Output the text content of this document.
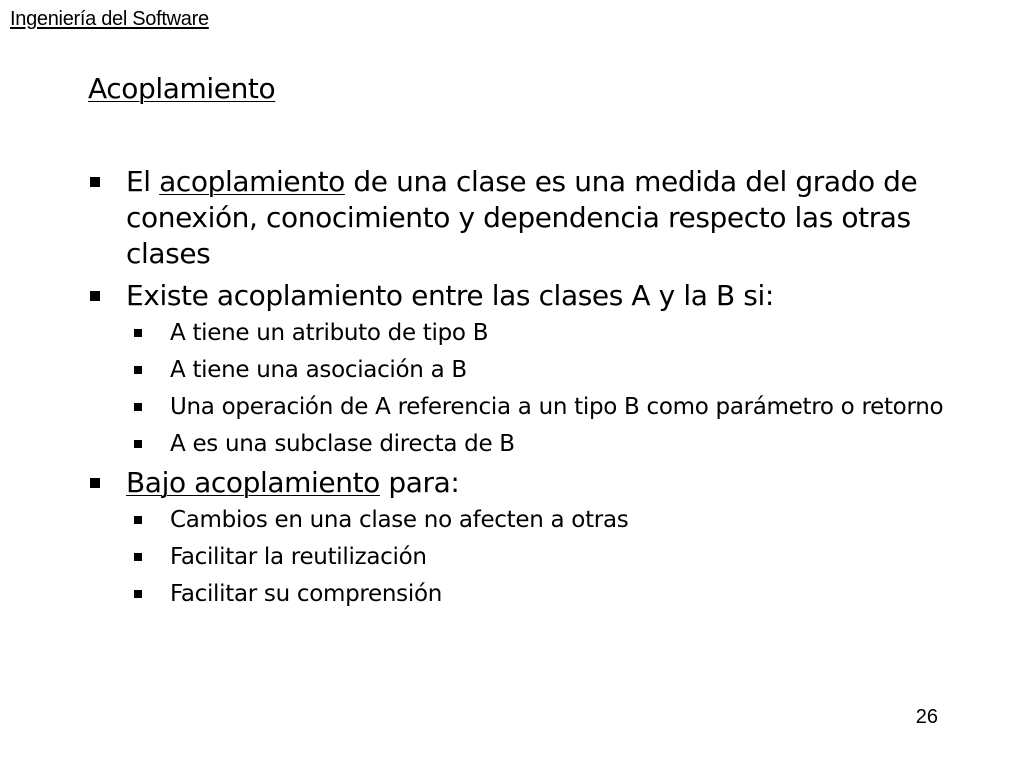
Ingeniería del Software
Acoplamiento
El acoplamiento de una clase es una medida del grado de conexión, conocimiento y dependencia respecto las otras clases
Existe acoplamiento entre las clases A y la B si:
A tiene un atributo de tipo B
A tiene una asociación a B
Una operación de A referencia a un tipo B como parámetro o retorno
A es una subclase directa de B
Bajo acoplamiento para:
Cambios en una clase no afecten a otras
Facilitar la reutilización
Facilitar su comprensión
26
